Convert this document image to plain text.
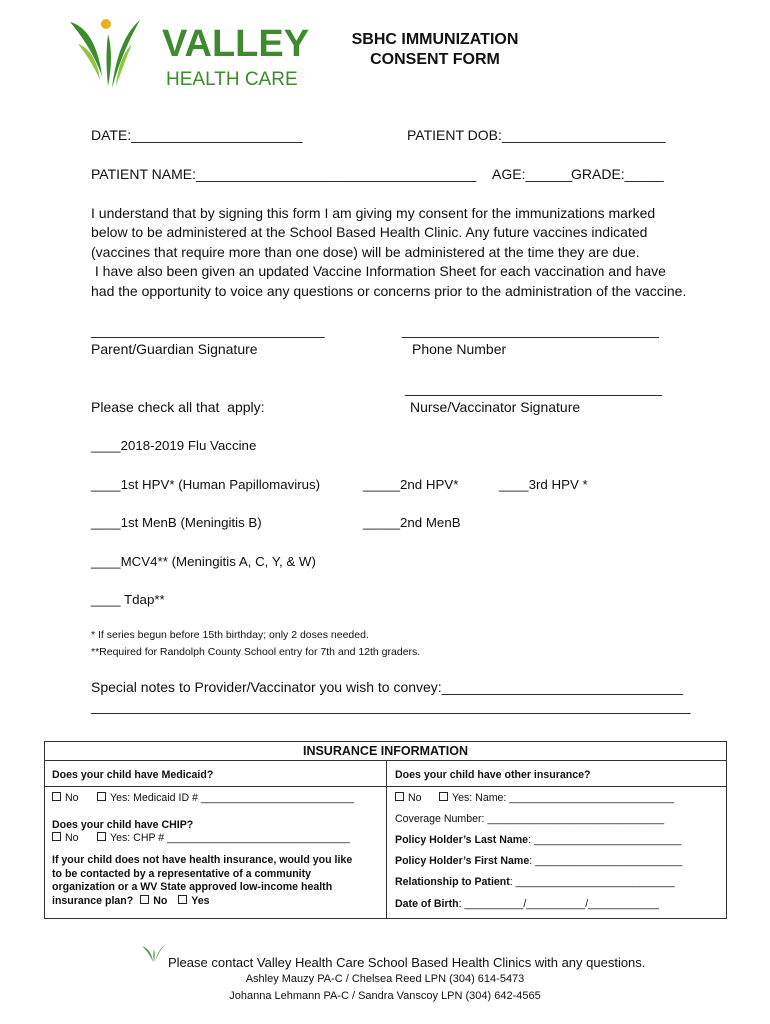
VALLEY
HEALTH CARE
SBHC IMMUNIZATION
CONSENT FORM
DATE:______________________	PATIENT DOB:_____________________
PATIENT NAME:____________________________________ AGE:______
GRADE:_____
I understand that by signing this form I am giving my consent for the immunizations marked
below to be administered at the School Based Health Clinic. Any future vaccines indicated
(vaccines that require more than one dose) will be administered at the time they are due.
I have also been given an updated Vaccine Information Sheet for each vaccination and have
had the opportunity to voice any questions or concerns prior to the administration of the vaccine.
______________________________
Parent/Guardian Signature
_________________________________
Phone Number
_________________________________
Nurse/Vaccinator Signature
Please check all that  apply:
____2018-2019 Flu Vaccine
____1st HPV* (Human Papillomavirus)	_____2nd HPV*	____3rd HPV *
____1st MenB (Meningitis B)	_____2nd MenB
____MCV4** (Meningitis A, C, Y, & W)
____ Tdap**
* If series begun before 15th birthday; only 2 doses needed.
**Required for Randolph County School entry for 7th and 12th graders.
Special notes to Provider/Vaccinator you wish to convey:_______________________________
_____________________________________________________________________________
INSURANCE INFORMATION
Does your child have Medicaid?
No	Yes: Medicaid ID # __________________________
Does your child have CHIP?
No	Yes: CHP # _______________________________
If your child does not have health insurance, would you like
to be contacted by a representative of a community
organization or a WV State approved low-income health
insurance plan? No Yes
Does your child have other insurance?
No	Yes: Name: ____________________________
Coverage Number: ______________________________
Policy Holder’s Last Name: _________________________
Policy Holder’s First Name: _________________________
Relationship to Patient: ___________________________
Date of Birth: __________/__________/____________
Please contact Valley Health Care School Based Health Clinics with any questions.
Ashley Mauzy PA-C / Chelsea Reed LPN (304) 614-5473
Johanna Lehmann PA-C / Sandra Vanscoy LPN (304) 642-4565
